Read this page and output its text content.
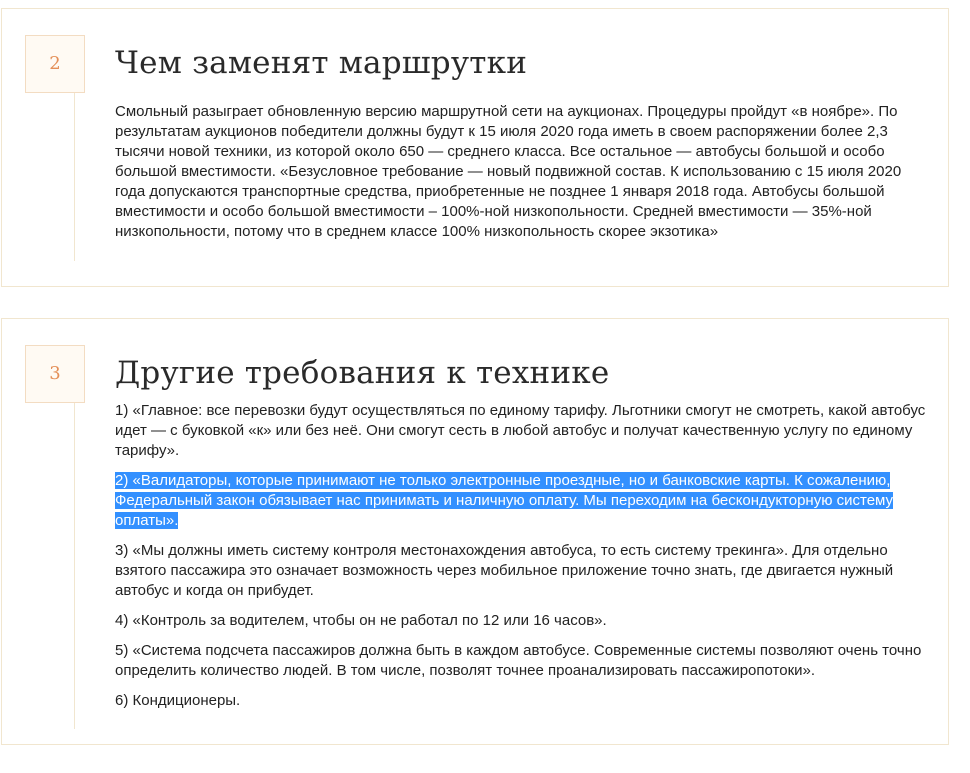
2	Чем заменят маршрутки

Смольный разыграет обновленную версию маршрутной сети на аукционах. Процедуры пройдут «в ноябре». По результатам аукционов победители должны будут к 15 июля 2020 года иметь в своем распоряжении более 2,3 тысячи новой техники, из которой около 650 — среднего класса. Все остальное — автобусы большой и особо большой вместимости. «Безусловное требование — новый подвижной состав. К использованию с 15 июля 2020 года допускаются транспортные средства, приобретенные не позднее 1 января 2018 года. Автобусы большой вместимости и особо большой вместимости – 100%-ной низкопольности. Средней вместимости — 35%-ной низкопольности, потому что в среднем классе 100% низкопольность скорее экзотика»

3	Другие требования к технике

1) «Главное: все перевозки будут осуществляться по единому тарифу. Льготники смогут не смотреть, какой автобус идет — с буковкой «к» или без неё. Они смогут сесть в любой автобус и получат качественную услугу по единому тарифу».

2) «Валидаторы, которые принимают не только электронные проездные, но и банковские карты. К сожалению, Федеральный закон обязывает нас принимать и наличную оплату. Мы переходим на бескондукторную систему оплаты».

3) «Мы должны иметь систему контроля местонахождения автобуса, то есть систему трекинга». Для отдельно взятого пассажира это означает возможность через мобильное приложение точно знать, где двигается нужный автобус и когда он прибудет.

4) «Контроль за водителем, чтобы он не работал по 12 или 16 часов».

5) «Система подсчета пассажиров должна быть в каждом автобусе. Современные системы позволяют очень точно определить количество людей. В том числе, позволят точнее проанализировать пассажиропотоки».

6) Кондиционеры.
